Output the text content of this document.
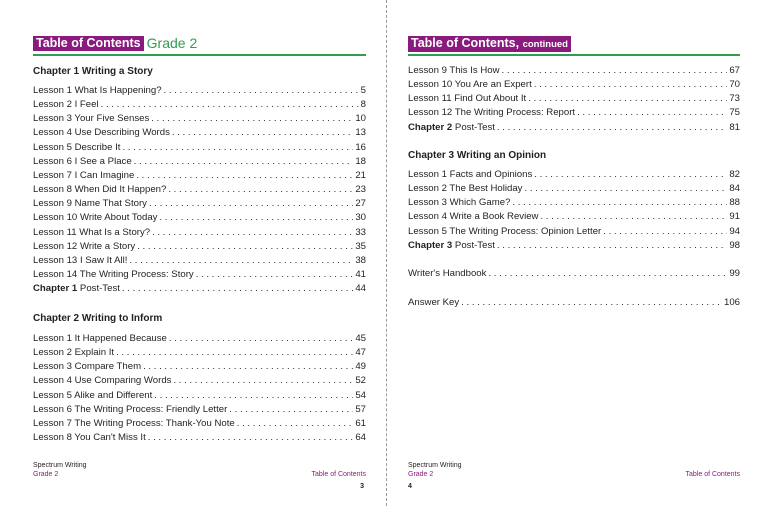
Table of Contents Grade 2
Chapter 1 Writing a Story
Chapter 2 Writing to Inform
Spectrum Writing
Grade 2	Table of Contents
3
Lesson 1 What Is Happening? . . .	5
Lesson 2 I Feel . . .	8
Lesson 3 Your Five Senses . . .	10
Lesson 4 Use Describing Words . . .	13
Lesson 5 Describe It . . .	16
Lesson 6 I See a Place . . .	18
Lesson 7 I Can Imagine . . .	21
Lesson 8 When Did It Happen? . . .	23
Lesson 9 Name That Story . . .	27
Lesson 10 Write About Today . . .	30
Lesson 11 What Is a Story? . . .	33
Lesson 12 Write a Story . . .	35
Lesson 13 I Saw It All! . . .	38
Lesson 14 The Writing Process: Story . . .	41
Chapter 1 Post-Test . . .	44
Lesson 1 It Happened Because . . .	45
Lesson 2 Explain It . . .	47
Lesson 3 Compare Them . . .	49
Lesson 4 Use Comparing Words . . .	52
Lesson 5 Alike and Different . . .	54
Lesson 6 The Writing Process: Friendly Letter . . .	57
Lesson 7 The Writing Process: Thank-You Note . . .	61
Lesson 8 You Can't Miss It . . .	64
Table of Contents, continued
Chapter 3 Writing an Opinion
Spectrum Writing
Grade 2	Table of Contents
4
Lesson 9 This Is How . . .	67
Lesson 10 You Are an Expert . . .	70
Lesson 11 Find Out About It . . .	73
Lesson 12 The Writing Process: Report . . .	75
Chapter 2 Post-Test . . .	81
Lesson 1 Facts and Opinions . . .	82
Lesson 2 The Best Holiday . . .	84
Lesson 3 Which Game? . . .	88
Lesson 4 Write a Book Review . . .	91
Lesson 5 The Writing Process: Opinion Letter . . .	94
Chapter 3 Post-Test . . .	98
Writer's Handbook . . .	99
Answer Key . . .	106
